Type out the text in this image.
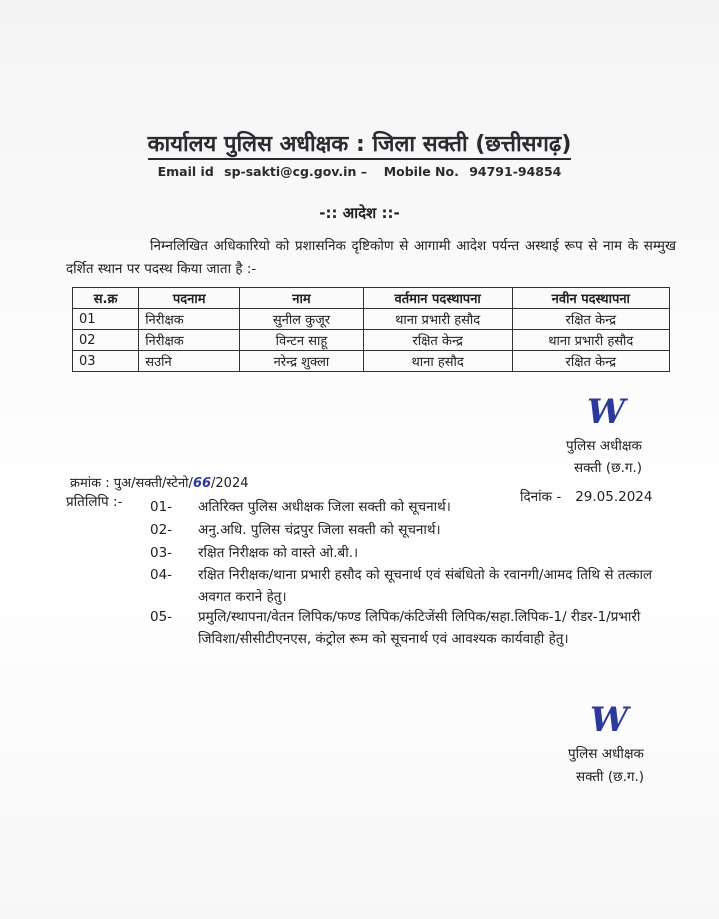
कार्यालय पुलिस अधीक्षक : जिला सक्ती (छत्तीसगढ़)
Email id sp-sakti@cg.gov.in – Mobile No. 94791-94854
-:: आदेश ::-
निम्नलिखित अधिकारियो को प्रशासनिक दृष्टिकोण से आगामी आदेश पर्यन्त अस्थाई रूप से नाम के सम्मुख दर्शित स्थान पर पदस्थ किया जाता है :-
स.क्र	पदनाम	नाम	वर्तमान पदस्थापना	नवीन पदस्थापना
01	निरीक्षक	सुनील कुजूर	थाना प्रभारी हसौद	रक्षित केन्द्र
02	निरीक्षक	विन्टन साहू	रक्षित केन्द्र	थाना प्रभारी हसौद
03	सउनि	नरेन्द्र शुक्ला	थाना हसौद	रक्षित केन्द्र
W
पुलिस अधीक्षक
सक्ती (छ.ग.)
क्रमांक : पुअ/सक्ती/स्टेनो/66/2024
दिनांक - 29.05.2024
प्रतिलिपि :- 01-	अतिरिक्त पुलिस अधीक्षक जिला सक्ती को सूचनार्थ।
02-	अनु.अधि. पुलिस चंद्रपुर जिला सक्ती को सूचनार्थ।
03-	रक्षित निरीक्षक को वास्ते ओ.बी.।
04-	रक्षित निरीक्षक/थाना प्रभारी हसौद को सूचनार्थ एवं संबंधितो के रवानगी/आमद तिथि से तत्काल अवगत कराने हेतु।
05-	प्रमुलि/स्थापना/वेतन लिपिक/फण्ड लिपिक/कंटिजेंसी लिपिक/सहा.लिपिक-1/ रीडर-1/प्रभारी जिविशा/सीसीटीएनएस, कंट्रोल रूम को सूचनार्थ एवं आवश्यक कार्यवाही हेतु।
W
पुलिस अधीक्षक
सक्ती (छ.ग.)
